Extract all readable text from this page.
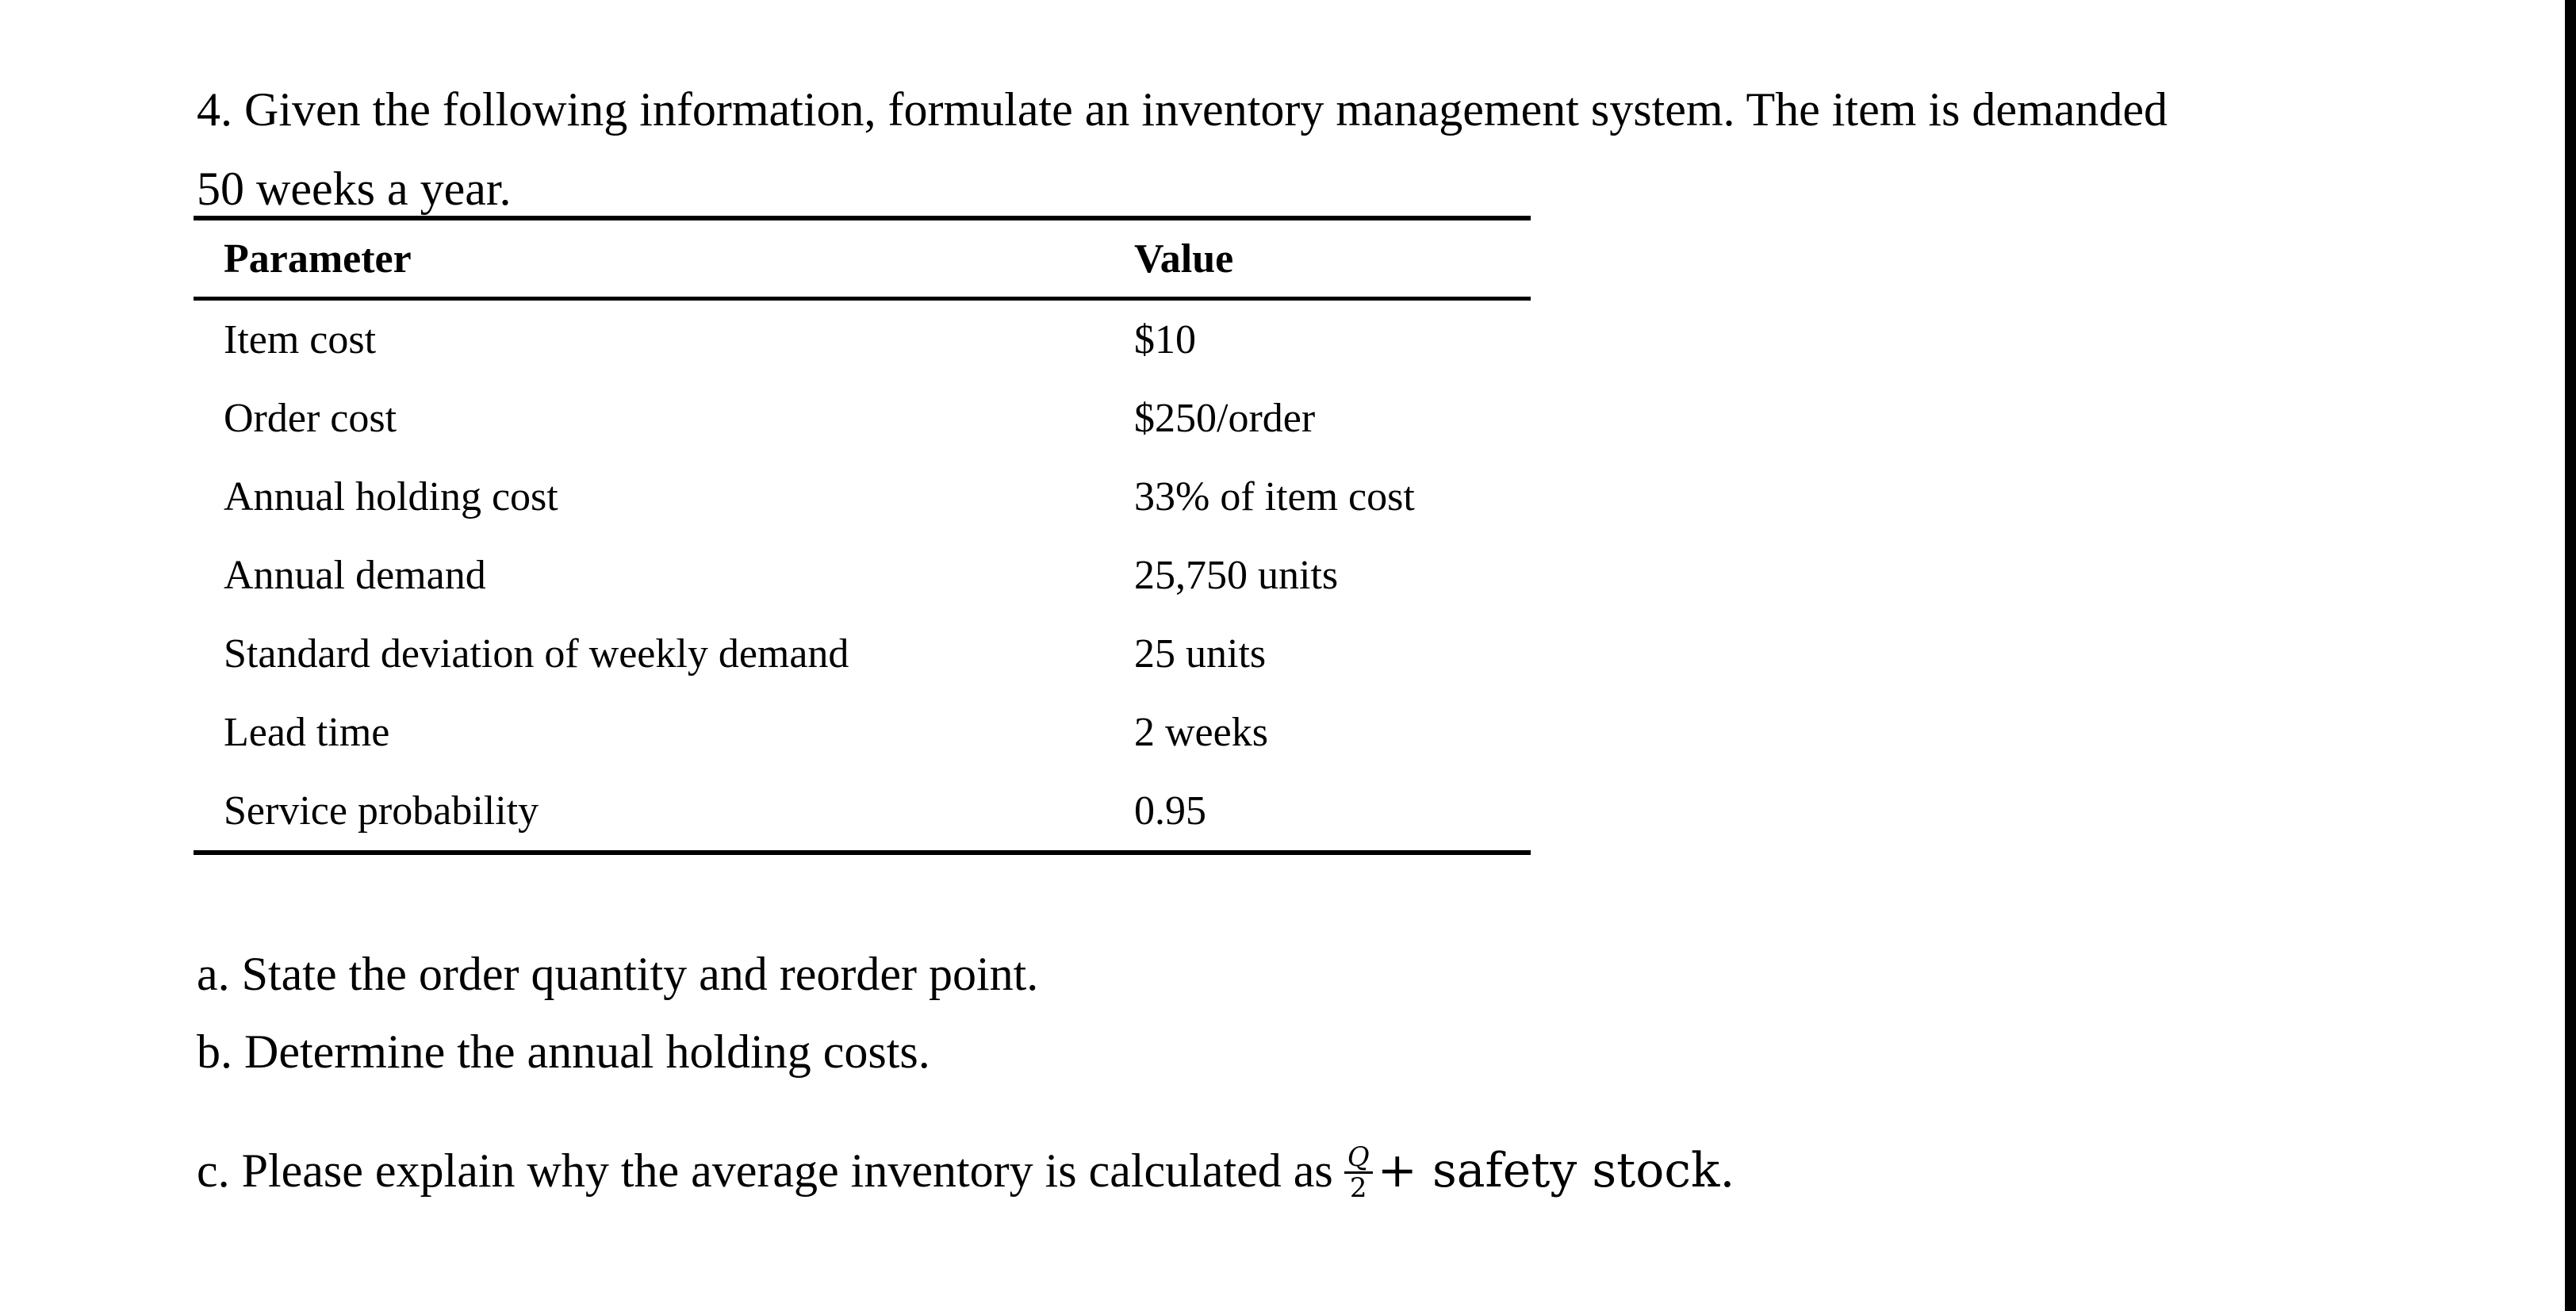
4. Given the following information, formulate an inventory management system. The item is demanded
50 weeks a year.

Parameter	Value
Item cost	$10
Order cost	$250/order
Annual holding cost	33% of item cost
Annual demand	25,750 units
Standard deviation of weekly demand	25 units
Lead time	2 weeks
Service probability	0.95

a. State the order quantity and reorder point.

b. Determine the annual holding costs.

c. Please explain why the average inventory is calculated as $\frac{Q}{2}$ + safety stock.
